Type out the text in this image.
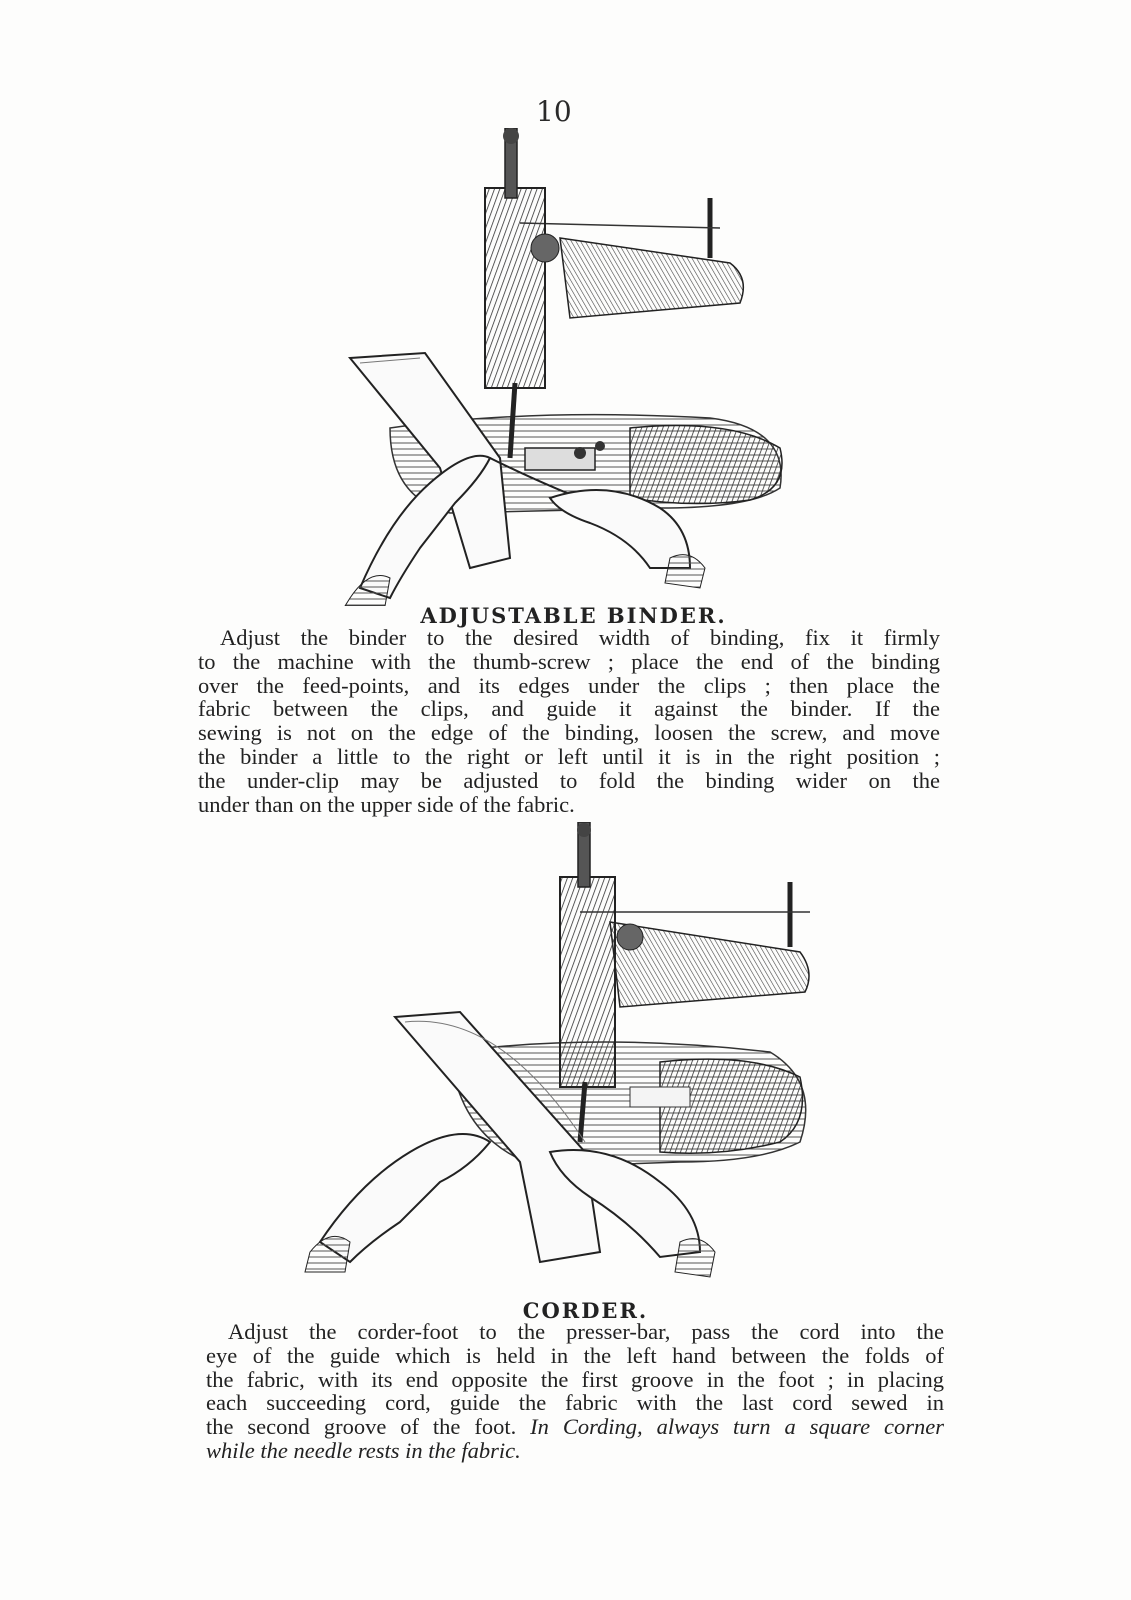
10
ADJUSTABLE BINDER.

Adjust the binder to the desired width of binding, fix it firmly
to the machine with the thumb-screw ; place the end of the binding
over the feed-points, and its edges under the clips ; then place the
fabric between the clips, and guide it against the binder. If the
sewing is not on the edge of the binding, loosen the screw, and move
the binder a little to the right or left until it is in the right position ;
the under-clip may be adjusted to fold the binding wider on the
under than on the upper side of the fabric.

CORDER.

Adjust the corder-foot to the presser-bar, pass the cord into the
eye of the guide which is held in the left hand between the folds of
the fabric, with its end opposite the first groove in the foot ; in placing
each succeeding cord, guide the fabric with the last cord sewed in
the second groove of the foot. In Cording, always turn a square corner
while the needle rests in the fabric.
